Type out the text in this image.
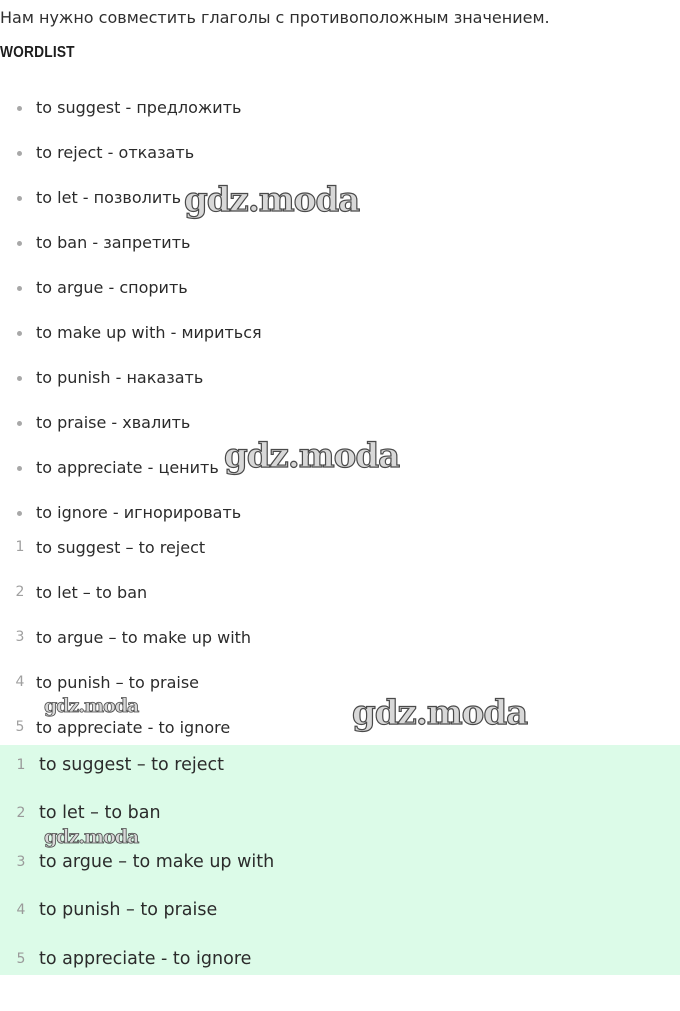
Нам нужно совместить глаголы с противоположным значением.
WORDLIST
to suggest - предложить
to reject - отказать
to let - позволить
to ban - запретить
to argue - спорить
to make up with - мириться
to punish - наказать
to praise - хвалить
to appreciate - ценить
to ignore - игнорировать
1 to suggest – to reject
2 to let – to ban
3 to argue – to make up with
4 to punish – to praise
5 to appreciate - to ignore
1 to suggest – to reject
2 to let – to ban
3 to argue – to make up with
4 to punish – to praise
5 to appreciate - to ignore
gdz.moda
gdz.moda
gdz.moda
gdz.moda
gdz.moda
